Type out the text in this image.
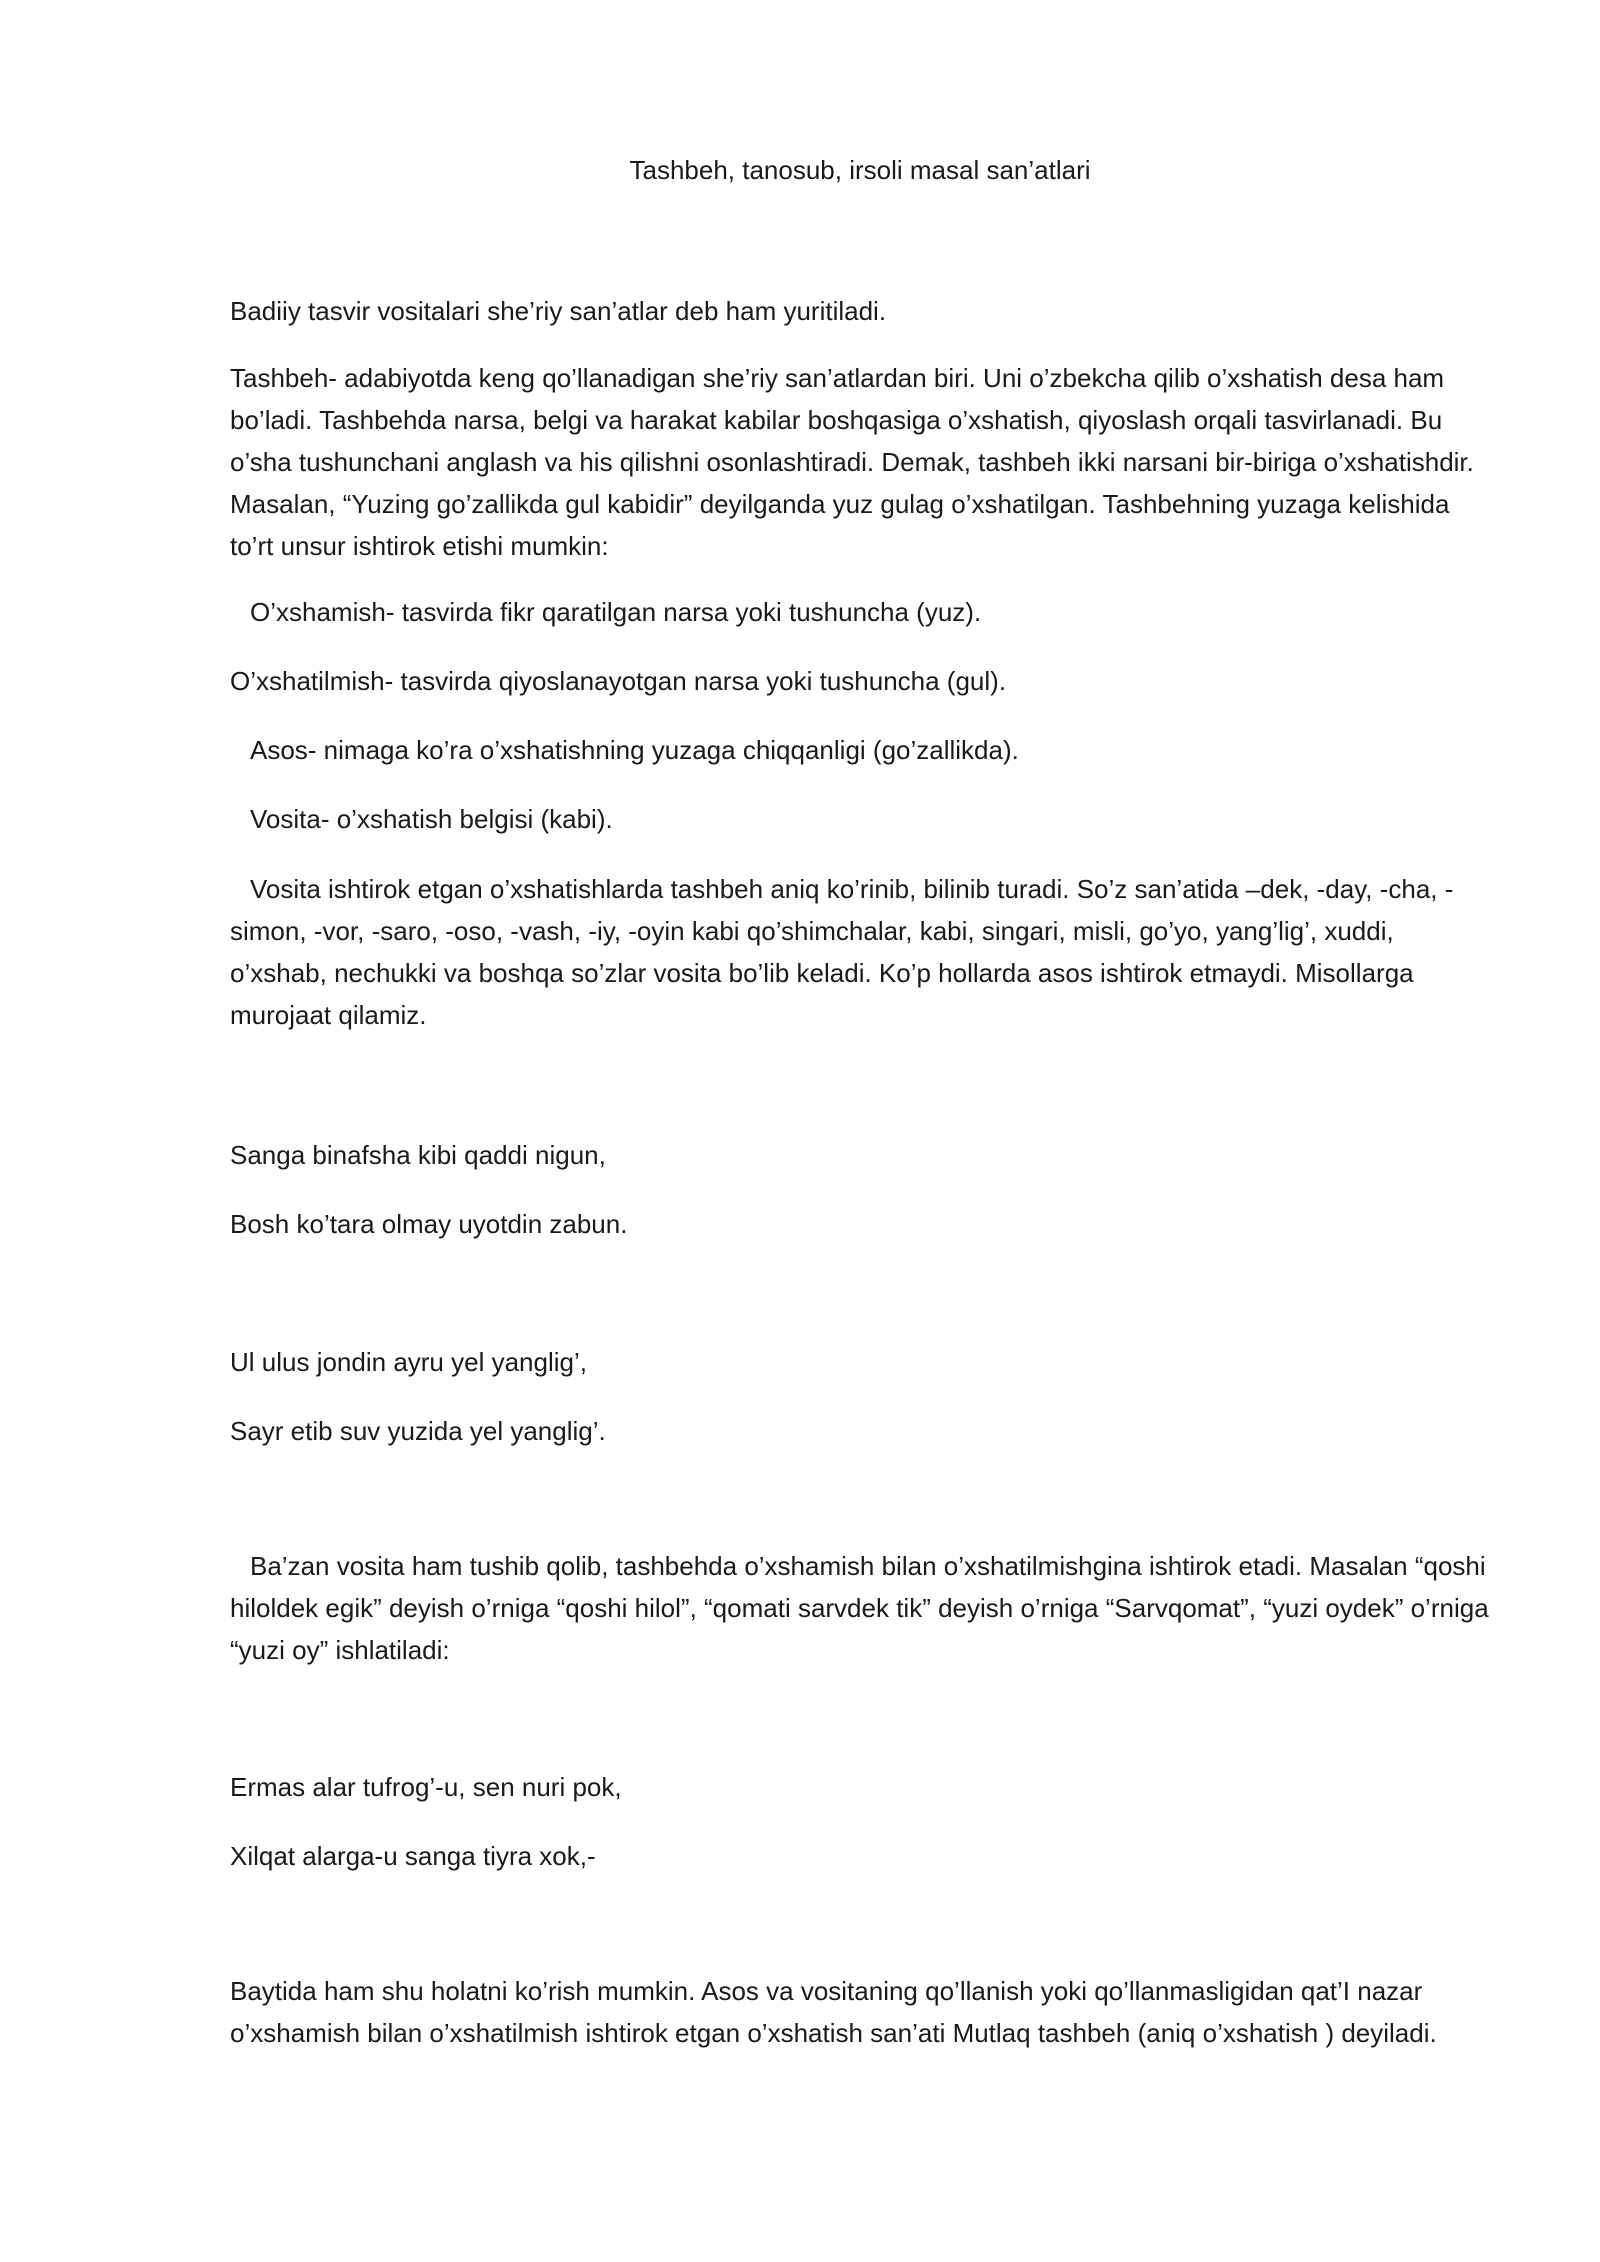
Tashbeh, tanosub, irsoli masal san’atlari

Badiiy tasvir vositalari she’riy san’atlar deb ham yuritiladi.

Tashbeh- adabiyotda keng qo’llanadigan she’riy san’atlardan biri. Uni o’zbekcha qilib o’xshatish desa ham bo’ladi. Tashbehda narsa, belgi va harakat kabilar boshqasiga o’xshatish, qiyoslash orqali tasvirlanadi. Bu o’sha tushunchani anglash va his qilishni osonlashtiradi. Demak, tashbeh ikki narsani bir-biriga o’xshatishdir. Masalan, “Yuzing go’zallikda gul kabidir” deyilganda yuz gulag o’xshatilgan. Tashbehning yuzaga kelishida to’rt unsur ishtirok etishi mumkin:

O’xshamish- tasvirda fikr qaratilgan narsa yoki tushuncha (yuz).

O’xshatilmish- tasvirda qiyoslanayotgan narsa yoki tushuncha (gul).

Asos- nimaga ko’ra o’xshatishning yuzaga chiqqanligi (go’zallikda).

Vosita- o’xshatish belgisi (kabi).

Vosita ishtirok etgan o’xshatishlarda tashbeh aniq ko’rinib, bilinib turadi. So’z san’atida –dek, -day, -cha, -simon, -vor, -saro, -oso, -vash, -iy, -oyin kabi qo’shimchalar, kabi, singari, misli, go’yo, yang’lig’, xuddi, o’xshab, nechukki va boshqa so’zlar vosita bo’lib keladi. Ko’p hollarda asos ishtirok etmaydi. Misollarga murojaat qilamiz.

Sanga binafsha kibi qaddi nigun,

Bosh ko’tara olmay uyotdin zabun.

Ul ulus jondin ayru yel yanglig’,

Sayr etib suv yuzida yel yanglig’.

Ba’zan vosita ham tushib qolib, tashbehda o’xshamish bilan o’xshatilmishgina ishtirok etadi. Masalan “qoshi hiloldek egik” deyish o’rniga “qoshi hilol”, “qomati sarvdek tik” deyish o’rniga “Sarvqomat”, “yuzi oydek” o’rniga “yuzi oy” ishlatiladi:

Ermas alar tufrog’-u, sen nuri pok,

Xilqat alarga-u sanga tiyra xok,-

Baytida ham shu holatni ko’rish mumkin. Asos va vositaning qo’llanish yoki qo’llanmasligidan qat’I nazar o’xshamish bilan o’xshatilmish ishtirok etgan o’xshatish san’ati Mutlaq tashbeh (aniq o’xshatish ) deyiladi.
